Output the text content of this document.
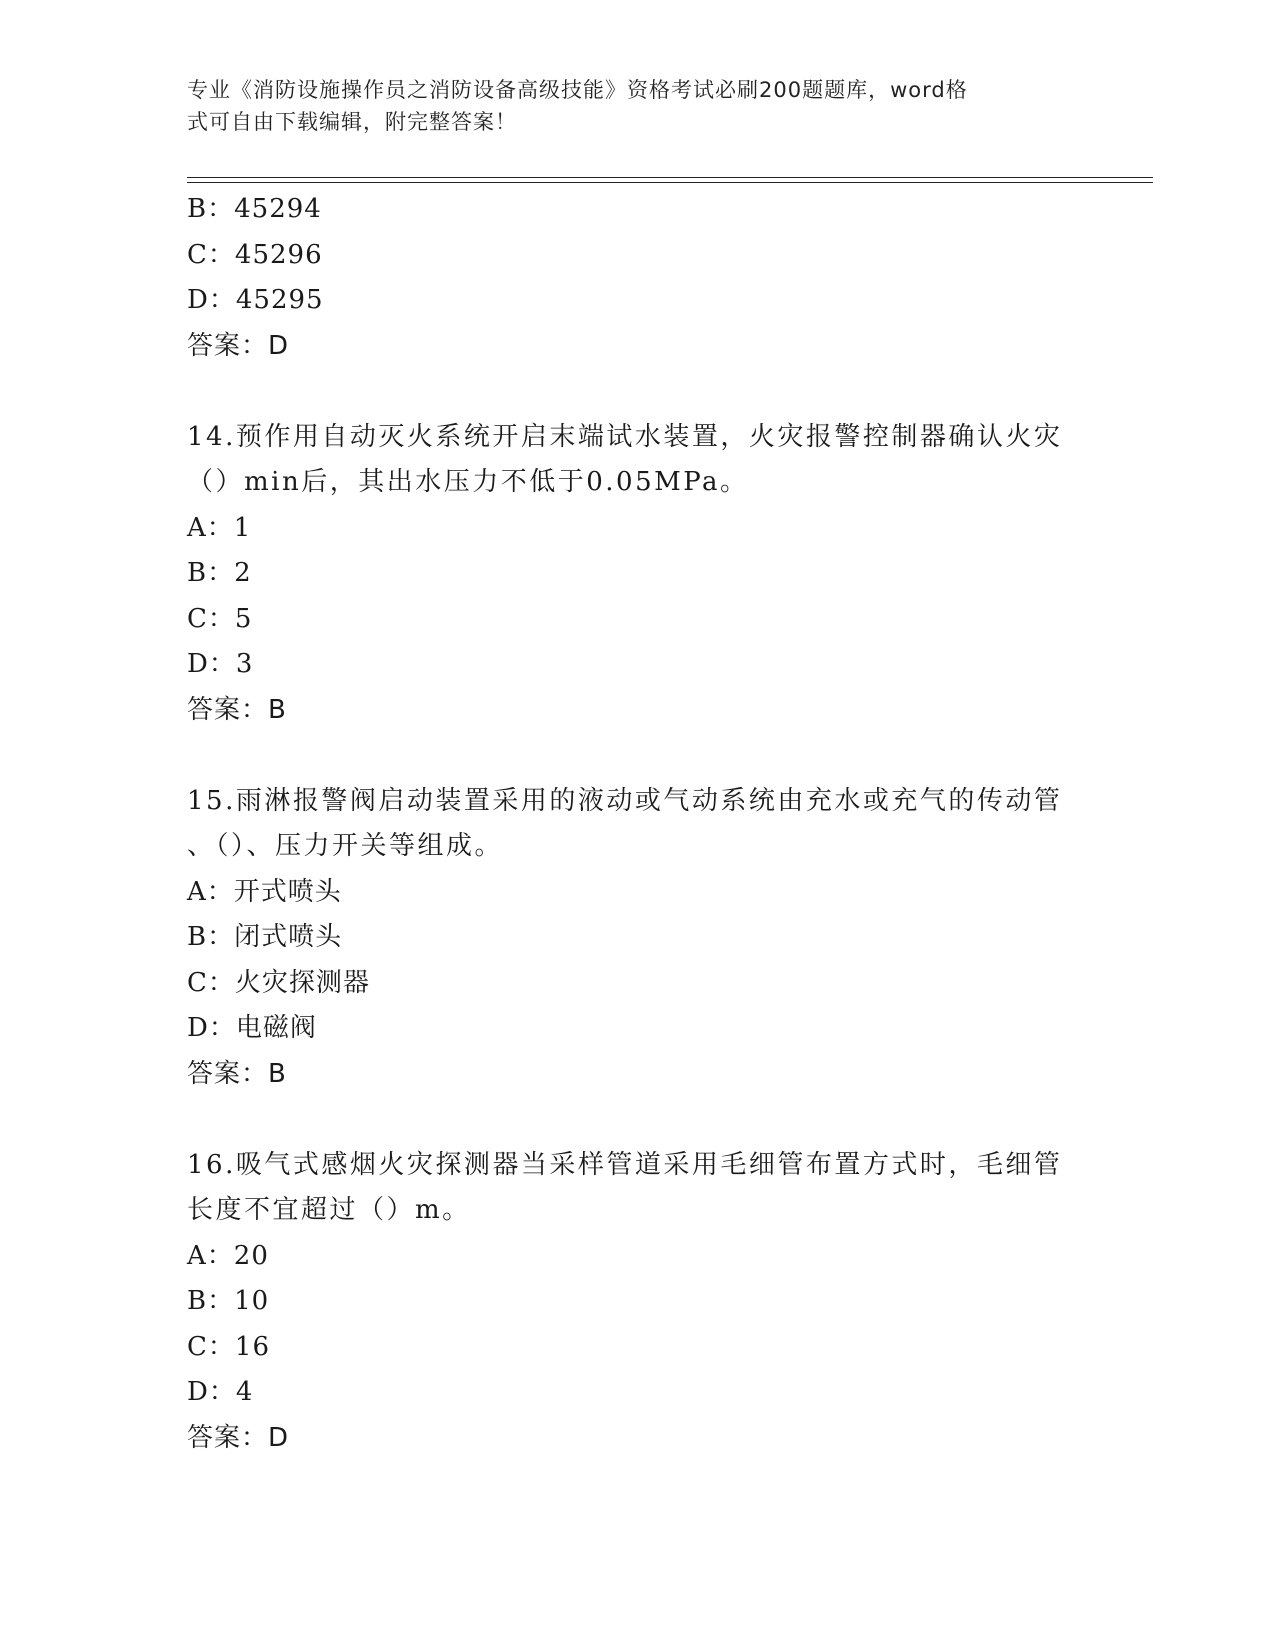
专业《消防设施操作员之消防设备高级技能》资格考试必刷200题题库，word格
式可自由下载编辑，附完整答案！
B：45294
C：45296
D：45295
答案：D
14.预作用自动灭火系统开启末端试水装置，火灾报警控制器确认火灾
（）min后，其出水压力不低于0.05MPa。
A：1
B：2
C：5
D：3
答案：B
15.雨淋报警阀启动装置采用的液动或气动系统由充水或充气的传动管
、（）、压力开关等组成。
A：开式喷头
B：闭式喷头
C：火灾探测器
D：电磁阀
答案：B
16.吸气式感烟火灾探测器当采样管道采用毛细管布置方式时，毛细管
长度不宜超过（）m。
A：20
B：10
C：16
D：4
答案：D
